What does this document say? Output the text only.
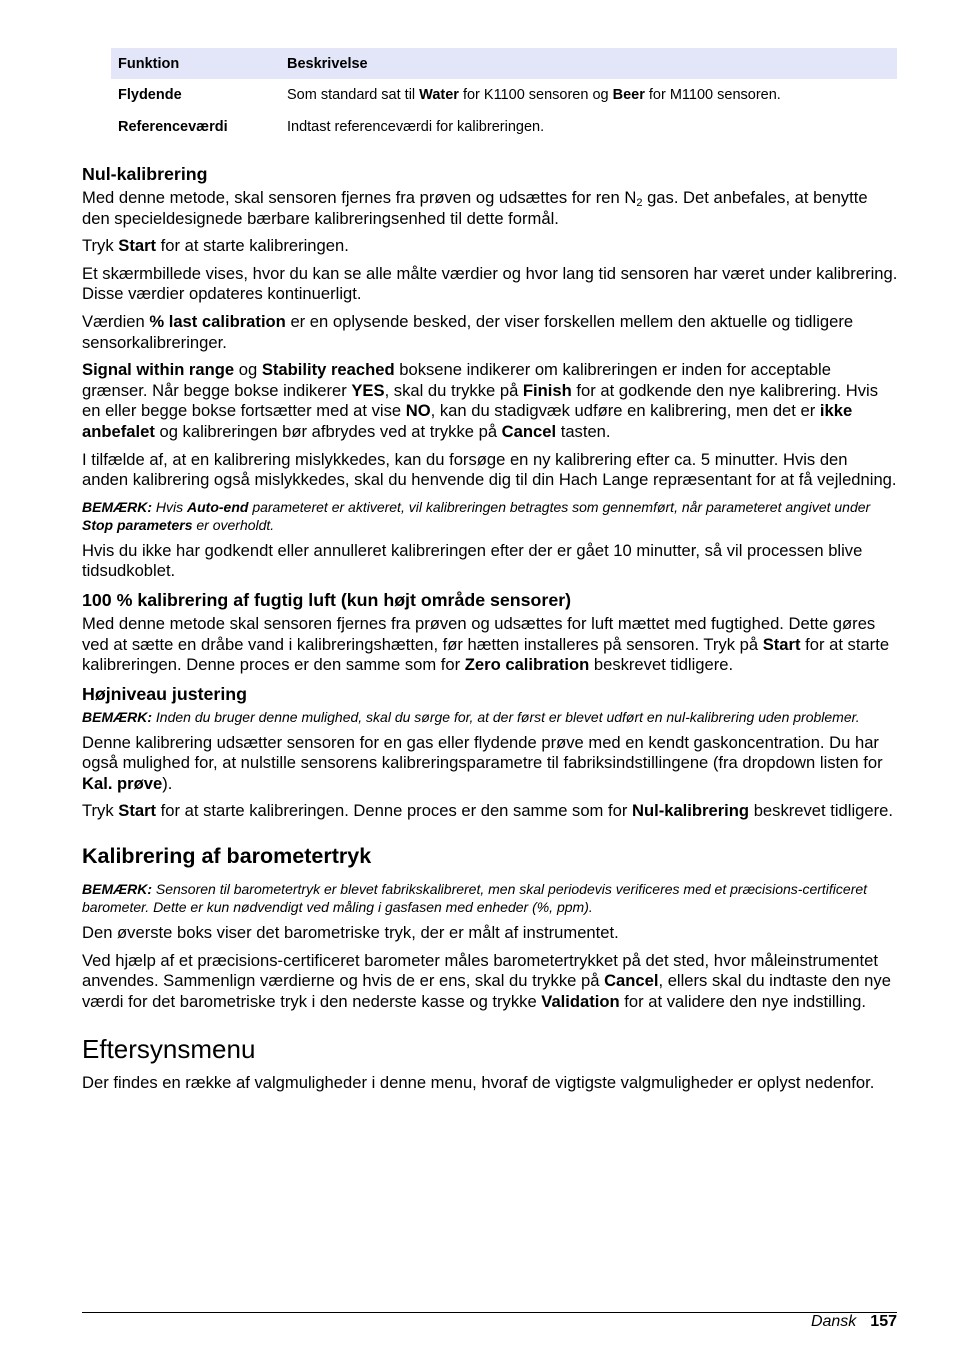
Funktion	Beskrivelse
Flydende	Som standard sat til Water for K1100 sensoren og Beer for M1100 sensoren.
Referenceværdi	Indtast referenceværdi for kalibreringen.
Nul-kalibrering

Med denne metode, skal sensoren fjernes fra prøven og udsættes for ren $N_2$ gas. Det anbefales, at benytte den specieldesignede bærbare kalibreringsenhed til dette formål.

Tryk Start for at starte kalibreringen.

Et skærmbillede vises, hvor du kan se alle målte værdier og hvor lang tid sensoren har været under kalibrering. Disse værdier opdateres kontinuerligt.

Værdien % last calibration er en oplysende besked, der viser forskellen mellem den aktuelle og tidligere sensorkalibreringer.

Signal within range og Stability reached boksene indikerer om kalibreringen er inden for acceptable grænser. Når begge bokse indikerer YES, skal du trykke på Finish for at godkende den nye kalibrering. Hvis en eller begge bokse fortsætter med at vise NO, kan du stadigvæk udføre en kalibrering, men det er ikke anbefalet og kalibreringen bør afbrydes ved at trykke på Cancel tasten.

I tilfælde af, at en kalibrering mislykkedes, kan du forsøge en ny kalibrering efter ca. 5 minutter. Hvis den anden kalibrering også mislykkedes, skal du henvende dig til din Hach Lange repræsentant for at få vejledning.

BEMÆRK: Hvis Auto-end parameteret er aktiveret, vil kalibreringen betragtes som gennemført, når parameteret angivet under Stop parameters er overholdt.

Hvis du ikke har godkendt eller annulleret kalibreringen efter der er gået 10 minutter, så vil processen blive tidsudkoblet.

100 % kalibrering af fugtig luft (kun højt område sensorer)

Med denne metode skal sensoren fjernes fra prøven og udsættes for luft mættet med fugtighed. Dette gøres ved at sætte en dråbe vand i kalibreringshætten, før hætten installeres på sensoren. Tryk på Start for at starte kalibreringen. Denne proces er den samme som for Zero calibration beskrevet tidligere.

Højniveau justering

BEMÆRK: Inden du bruger denne mulighed, skal du sørge for, at der først er blevet udført en nul-kalibrering uden problemer.

Denne kalibrering udsætter sensoren for en gas eller flydende prøve med en kendt gaskoncentration. Du har også mulighed for, at nulstille sensorens kalibreringsparametre til fabriksindstillingene (fra dropdown listen for Kal. prøve).

Tryk Start for at starte kalibreringen. Denne proces er den samme som for Nul-kalibrering beskrevet tidligere.

Kalibrering af barometertryk

BEMÆRK: Sensoren til barometertryk er blevet fabrikskalibreret, men skal periodevis verificeres med et præcisions-certificeret barometer. Dette er kun nødvendigt ved måling i gasfasen med enheder (%, ppm).

Den øverste boks viser det barometriske tryk, der er målt af instrumentet.

Ved hjælp af et præcisions-certificeret barometer måles barometertrykket på det sted, hvor måleinstrumentet anvendes. Sammenlign værdierne og hvis de er ens, skal du trykke på Cancel, ellers skal du indtaste den nye værdi for det barometriske tryk i den nederste kasse og trykke Validation for at validere den nye indstilling.

Eftersynsmenu

Der findes en række af valgmuligheder i denne menu, hvoraf de vigtigste valgmuligheder er oplyst nedenfor.

Dansk 157
